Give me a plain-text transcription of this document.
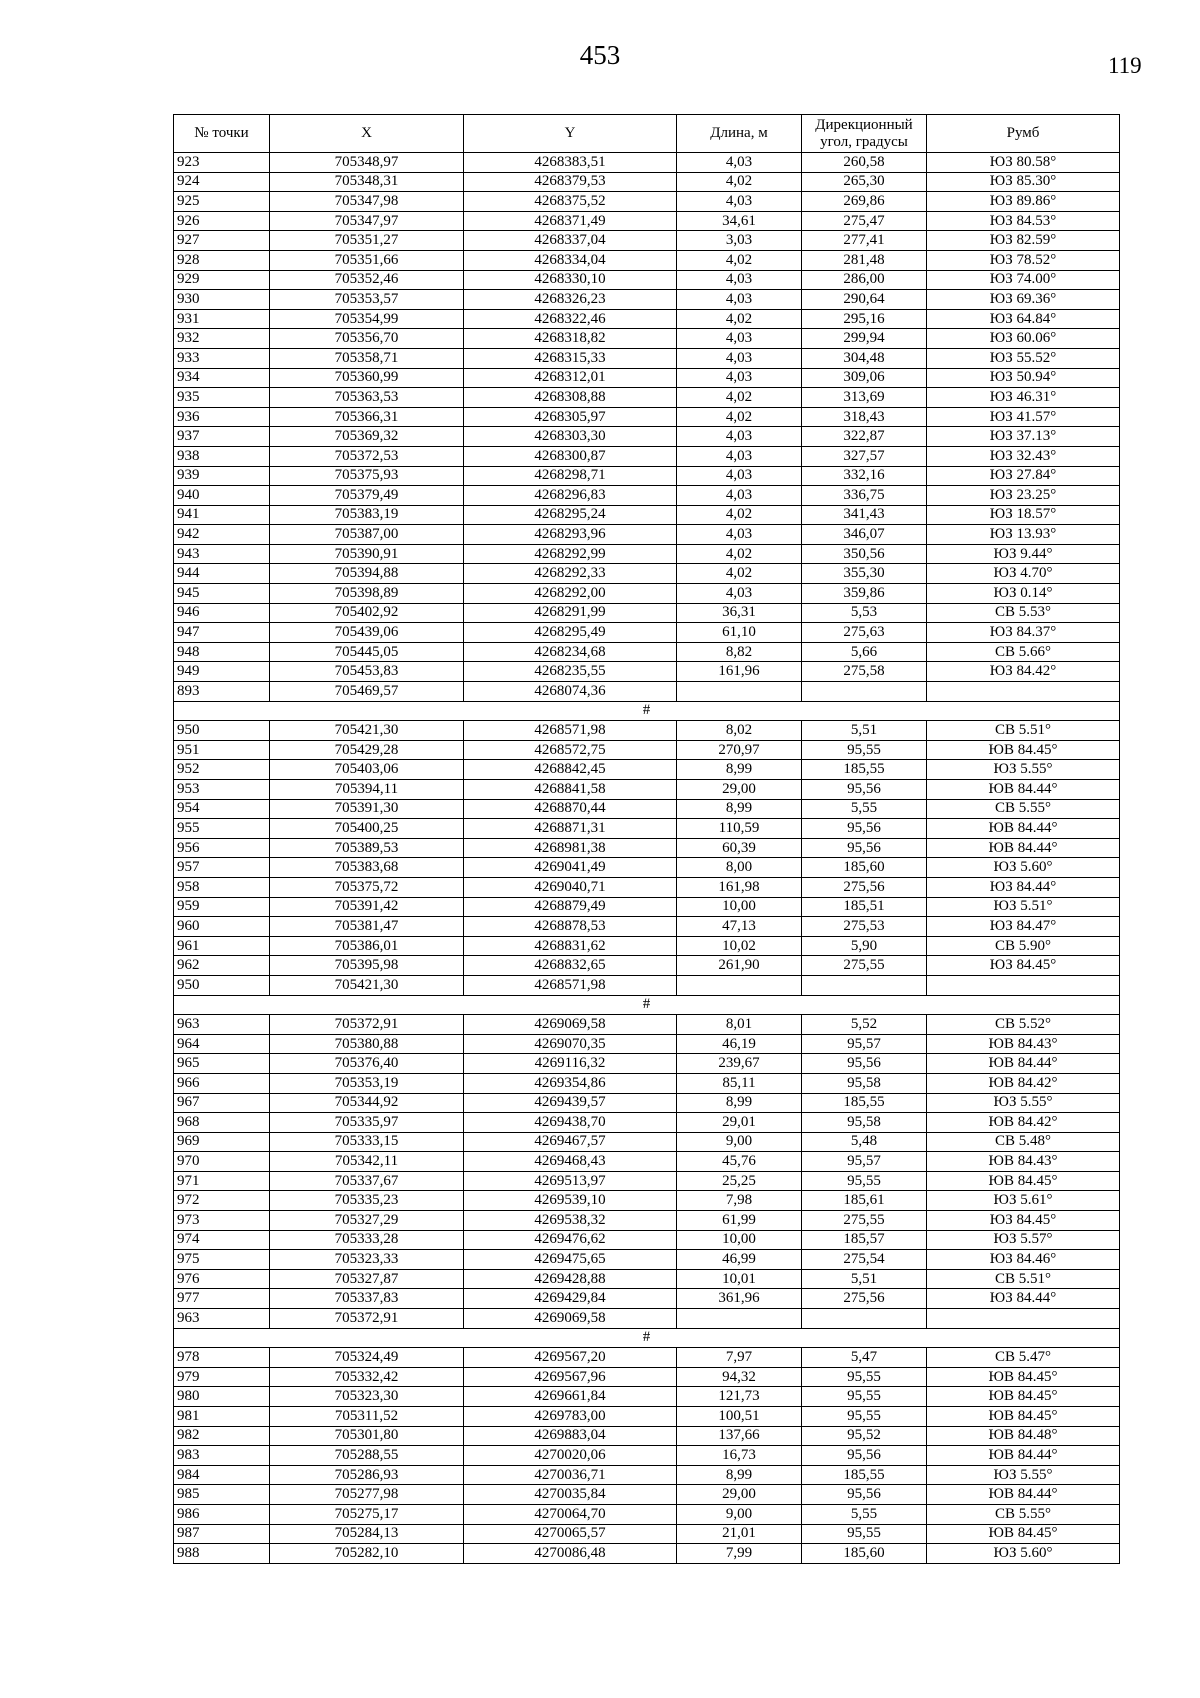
453	119
№ точки	X	Y	Длина, м	Дирекционный
угол, градусы	Румб
923	705348,97	4268383,51	4,03	260,58	ЮЗ 80.58°
924	705348,31	4268379,53	4,02	265,30	ЮЗ 85.30°
925	705347,98	4268375,52	4,03	269,86	ЮЗ 89.86°
926	705347,97	4268371,49	34,61	275,47	ЮЗ 84.53°
927	705351,27	4268337,04	3,03	277,41	ЮЗ 82.59°
928	705351,66	4268334,04	4,02	281,48	ЮЗ 78.52°
929	705352,46	4268330,10	4,03	286,00	ЮЗ 74.00°
930	705353,57	4268326,23	4,03	290,64	ЮЗ 69.36°
931	705354,99	4268322,46	4,02	295,16	ЮЗ 64.84°
932	705356,70	4268318,82	4,03	299,94	ЮЗ 60.06°
933	705358,71	4268315,33	4,03	304,48	ЮЗ 55.52°
934	705360,99	4268312,01	4,03	309,06	ЮЗ 50.94°
935	705363,53	4268308,88	4,02	313,69	ЮЗ 46.31°
936	705366,31	4268305,97	4,02	318,43	ЮЗ 41.57°
937	705369,32	4268303,30	4,03	322,87	ЮЗ 37.13°
938	705372,53	4268300,87	4,03	327,57	ЮЗ 32.43°
939	705375,93	4268298,71	4,03	332,16	ЮЗ 27.84°
940	705379,49	4268296,83	4,03	336,75	ЮЗ 23.25°
941	705383,19	4268295,24	4,02	341,43	ЮЗ 18.57°
942	705387,00	4268293,96	4,03	346,07	ЮЗ 13.93°
943	705390,91	4268292,99	4,02	350,56	ЮЗ 9.44°
944	705394,88	4268292,33	4,02	355,30	ЮЗ 4.70°
945	705398,89	4268292,00	4,03	359,86	ЮЗ 0.14°
946	705402,92	4268291,99	36,31	5,53	СВ 5.53°
947	705439,06	4268295,49	61,10	275,63	ЮЗ 84.37°
948	705445,05	4268234,68	8,82	5,66	СВ 5.66°
949	705453,83	4268235,55	161,96	275,58	ЮЗ 84.42°
893	705469,57	4268074,36			
#					
950	705421,30	4268571,98	8,02	5,51	СВ 5.51°
951	705429,28	4268572,75	270,97	95,55	ЮВ 84.45°
952	705403,06	4268842,45	8,99	185,55	ЮЗ 5.55°
953	705394,11	4268841,58	29,00	95,56	ЮВ 84.44°
954	705391,30	4268870,44	8,99	5,55	СВ 5.55°
955	705400,25	4268871,31	110,59	95,56	ЮВ 84.44°
956	705389,53	4268981,38	60,39	95,56	ЮВ 84.44°
957	705383,68	4269041,49	8,00	185,60	ЮЗ 5.60°
958	705375,72	4269040,71	161,98	275,56	ЮЗ 84.44°
959	705391,42	4268879,49	10,00	185,51	ЮЗ 5.51°
960	705381,47	4268878,53	47,13	275,53	ЮЗ 84.47°
961	705386,01	4268831,62	10,02	5,90	СВ 5.90°
962	705395,98	4268832,65	261,90	275,55	ЮЗ 84.45°
950	705421,30	4268571,98			
#					
963	705372,91	4269069,58	8,01	5,52	СВ 5.52°
964	705380,88	4269070,35	46,19	95,57	ЮВ 84.43°
965	705376,40	4269116,32	239,67	95,56	ЮВ 84.44°
966	705353,19	4269354,86	85,11	95,58	ЮВ 84.42°
967	705344,92	4269439,57	8,99	185,55	ЮЗ 5.55°
968	705335,97	4269438,70	29,01	95,58	ЮВ 84.42°
969	705333,15	4269467,57	9,00	5,48	СВ 5.48°
970	705342,11	4269468,43	45,76	95,57	ЮВ 84.43°
971	705337,67	4269513,97	25,25	95,55	ЮВ 84.45°
972	705335,23	4269539,10	7,98	185,61	ЮЗ 5.61°
973	705327,29	4269538,32	61,99	275,55	ЮЗ 84.45°
974	705333,28	4269476,62	10,00	185,57	ЮЗ 5.57°
975	705323,33	4269475,65	46,99	275,54	ЮЗ 84.46°
976	705327,87	4269428,88	10,01	5,51	СВ 5.51°
977	705337,83	4269429,84	361,96	275,56	ЮЗ 84.44°
963	705372,91	4269069,58			
#					
978	705324,49	4269567,20	7,97	5,47	СВ 5.47°
979	705332,42	4269567,96	94,32	95,55	ЮВ 84.45°
980	705323,30	4269661,84	121,73	95,55	ЮВ 84.45°
981	705311,52	4269783,00	100,51	95,55	ЮВ 84.45°
982	705301,80	4269883,04	137,66	95,52	ЮВ 84.48°
983	705288,55	4270020,06	16,73	95,56	ЮВ 84.44°
984	705286,93	4270036,71	8,99	185,55	ЮЗ 5.55°
985	705277,98	4270035,84	29,00	95,56	ЮВ 84.44°
986	705275,17	4270064,70	9,00	5,55	СВ 5.55°
987	705284,13	4270065,57	21,01	95,55	ЮВ 84.45°
988	705282,10	4270086,48	7,99	185,60	ЮЗ 5.60°
